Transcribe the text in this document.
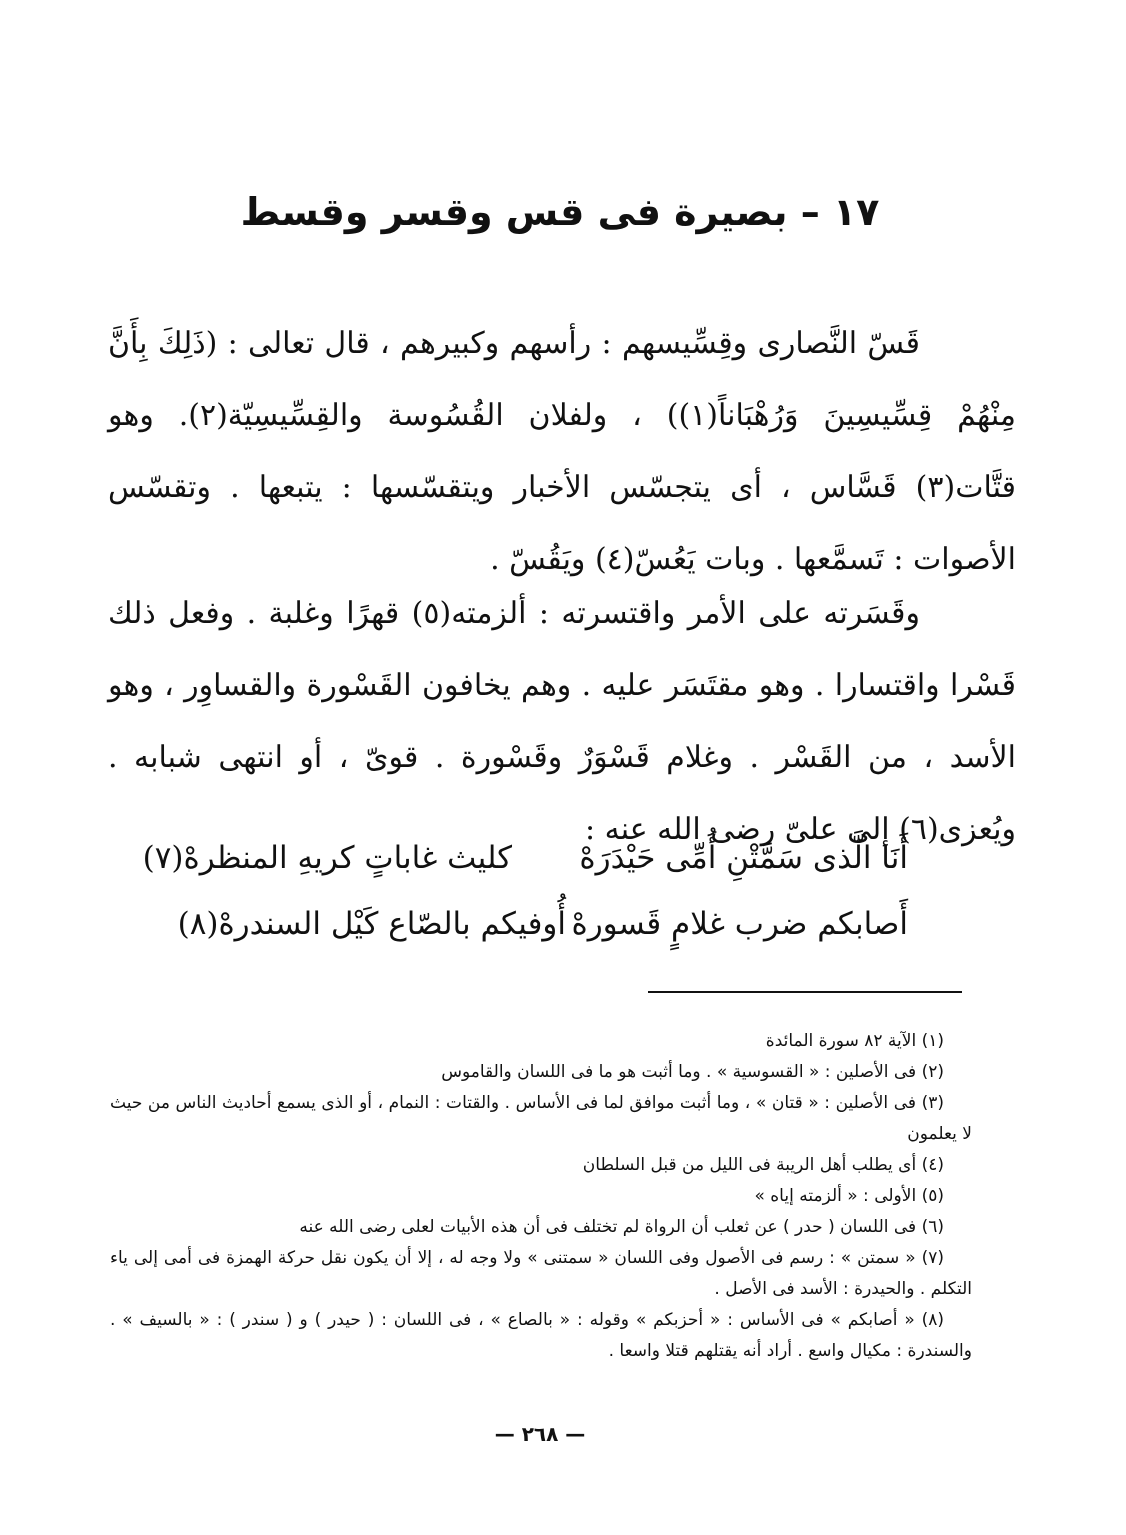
١٧ – بصيرة فى قس وقسر وقسط

قَسّ النَّصارى وقِسِّيسهم : رأسهم وكبيرهم ، قال تعالى : (ذَلِكَ بِأَنَّ مِنْهُمْ قِسِّيسِينَ وَرُهْبَاناً(١)) ، ولفلان القُسُوسة والقِسِّيسِيّة(٢). وهو قتَّات(٣) قَسَّاس ، أى يتجسّس الأخبار ويتقسّسها : يتبعها . وتقسّس الأصوات : تَسمَّعها . وبات يَعُسّ(٤) ويَقُسّ .

وقَسَرته على الأمر واقتسرته : ألزمته(٥) قهرًا وغلبة . وفعل ذلك قَسْرا واقتسارا . وهو مقتَسَر عليه . وهم يخافون القَسْورة والقساوِر ، وهو الأسد ، من القَسْر . وغلام قَسْوَرٌ وقَسْورة . قوىّ ، أو انتهى شبابه . ويُعزى(٦) إلى علىّ رضى الله عنه :

أَنَا الَّذى سَمَّتْنِ أُمِّى حَيْدَرَهْ
كليث غاباتٍ كريهِ المنظرهْ(٧)
أَصابكم ضرب غلامٍ قَسورهْ
أُوفيكم بالصّاع كَيْل السندرهْ(٨)

(١) الآية ٨٢ سورة المائدة

(٢) فى الأصلين : « القسوسية » . وما أثبت هو ما فى اللسان والقاموس

(٣) فى الأصلين : « قتان » ، وما أثبت موافق لما فى الأساس . والقتات : النمام ، أو الذى يسمع أحاديث الناس من حيث لا يعلمون

(٤) أى يطلب أهل الريبة فى الليل من قبل السلطان

(٥) الأولى : « ألزمته إياه »

(٦) فى اللسان ( حدر ) عن ثعلب أن الرواة لم تختلف فى أن هذه الأبيات لعلى رضى الله عنه

(٧) « سمتن » : رسم فى الأصول وفى اللسان « سمتنى » ولا وجه له ، إلا أن يكون نقل حركة الهمزة فى أمى إلى ياء التكلم . والحيدرة : الأسد فى الأصل .

(٨) « أصابكم » فى الأساس : « أحزبكم » وقوله : « بالصاع » ، فى اللسان : ( حيدر ) و ( سندر ) : « بالسيف » . والسندرة : مكيال واسع . أراد أنه يقتلهم قتلا واسعا .

— ٢٦٨ —
